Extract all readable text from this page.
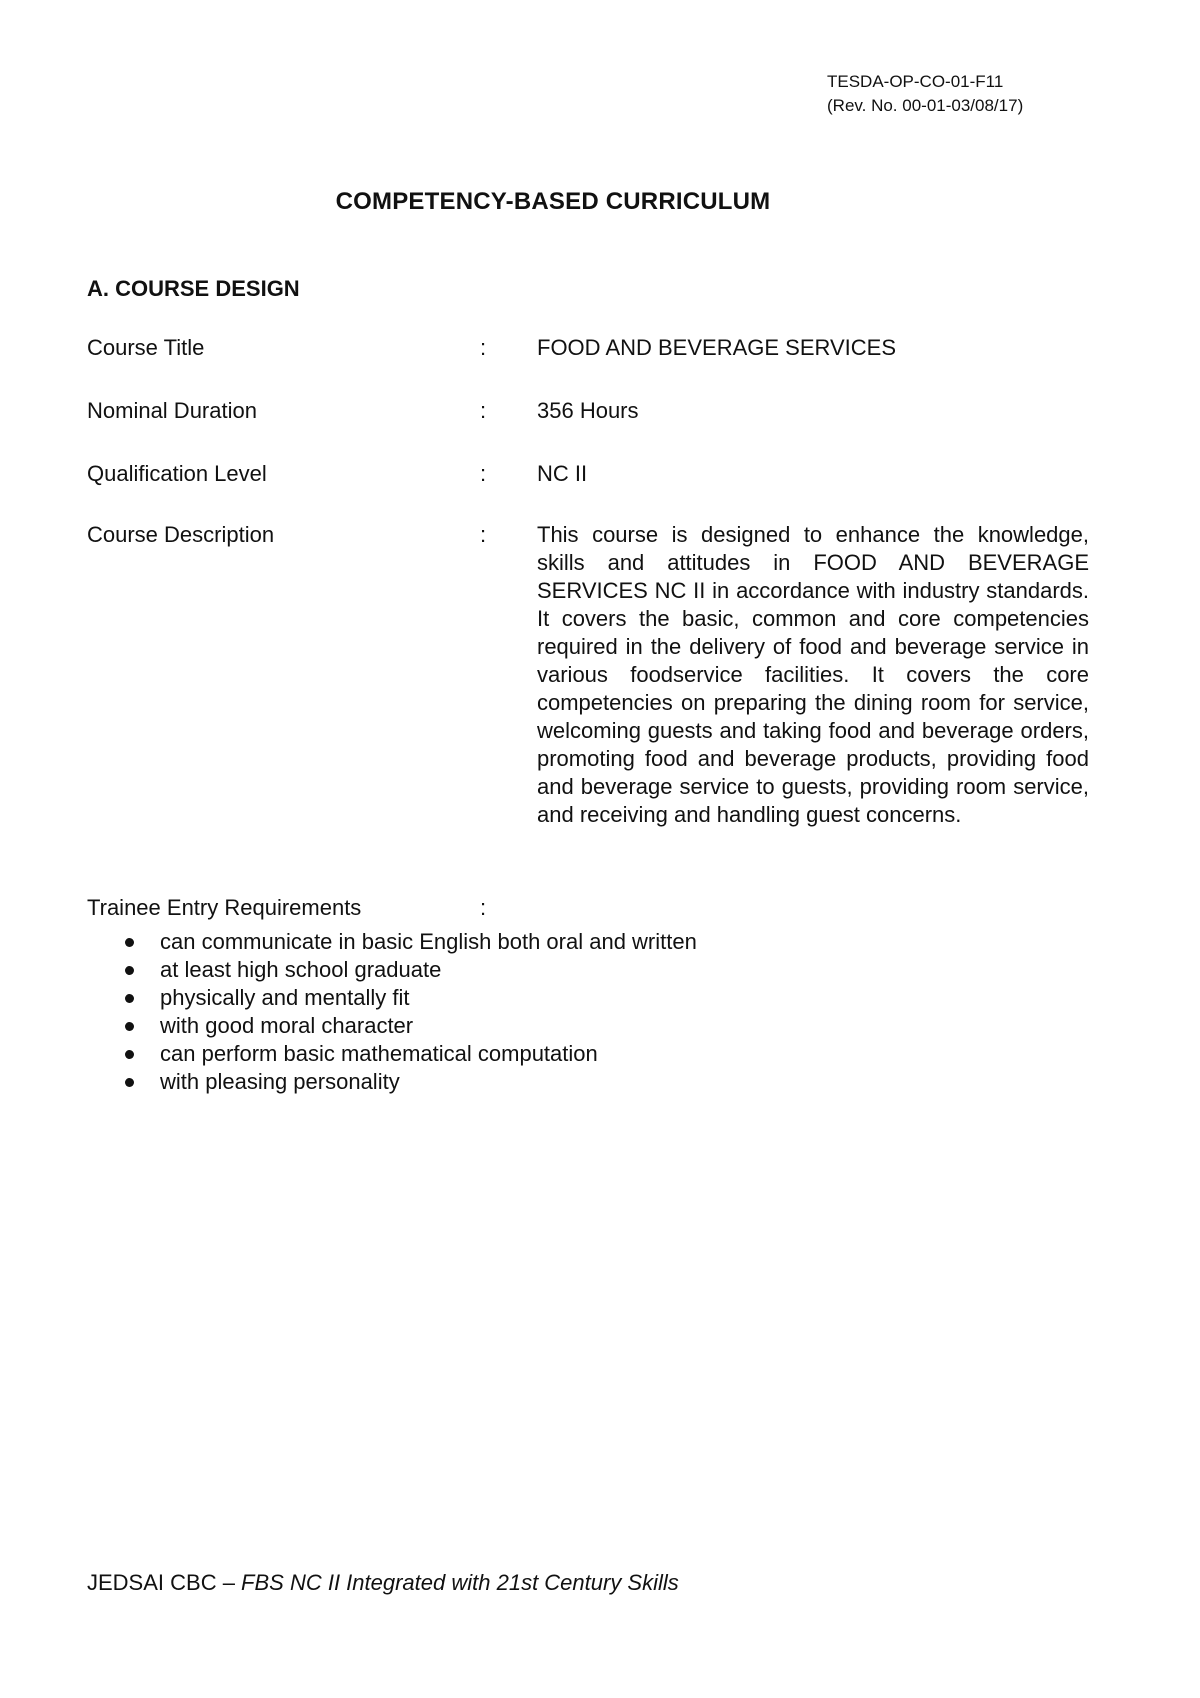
TESDA-OP-CO-01-F11
(Rev. No. 00-01-03/08/17)
COMPETENCY-BASED CURRICULUM
A. COURSE DESIGN
Course Title	: FOOD AND BEVERAGE SERVICES
Nominal Duration	: 356 Hours
Qualification Level	: NC II
Course Description	: This course is designed to enhance the knowledge, skills and attitudes in FOOD AND BEVERAGE SERVICES NC II in accordance with industry standards. It covers the basic, common and core competencies required in the delivery of food and beverage service in various foodservice facilities. It covers the core competencies on preparing the dining room for service, welcoming guests and taking food and beverage orders, promoting food and beverage products, providing food and beverage service to guests, providing room service, and receiving and handling guest concerns.

Trainee Entry Requirements	:
can communicate in basic English both oral and written
at least high school graduate
physically and mentally fit
with good moral character
can perform basic mathematical computation
with pleasing personality
JEDSAI CBC – FBS NC II Integrated with 21st Century Skills
